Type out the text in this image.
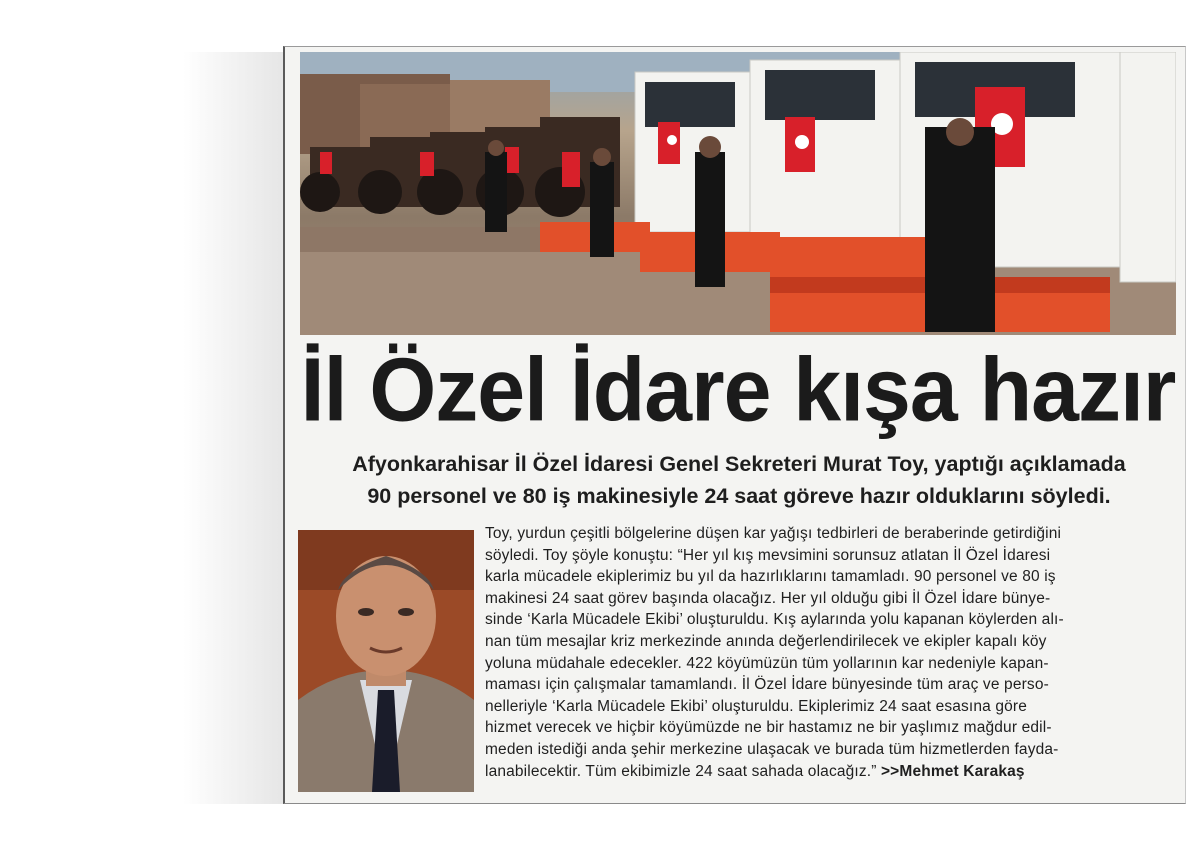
İl Özel İdare kışa hazır
Afyonkarahisar İl Özel İdaresi Genel Sekreteri Murat Toy, yaptığı açıklamada
90 personel ve 80 iş makinesiyle 24 saat göreve hazır olduklarını söyledi.
Toy, yurdun çeşitli bölgelerine düşen kar yağışı tedbirleri de beraberinde getirdiğini
söyledi. Toy şöyle konuştu: “Her yıl kış mevsimini sorunsuz atlatan İl Özel İdaresi
karla mücadele ekiplerimiz bu yıl da hazırlıklarını tamamladı. 90 personel ve 80 iş
makinesi 24 saat görev başında olacağız. Her yıl olduğu gibi İl Özel İdare bünye-
sinde ‘Karla Mücadele Ekibi’ oluşturuldu. Kış aylarında yolu kapanan köylerden alı-
nan tüm mesajlar kriz merkezinde anında değerlendirilecek ve ekipler kapalı köy
yoluna müdahale edecekler. 422 köyümüzün tüm yollarının kar nedeniyle kapan-
maması için çalışmalar tamamlandı. İl Özel İdare bünyesinde tüm araç ve perso-
nelleriyle ‘Karla Mücadele Ekibi’ oluşturuldu. Ekiplerimiz 24 saat esasına göre
hizmet verecek ve hiçbir köyümüzde ne bir hastamız ne bir yaşlımız mağdur edil-
meden istediği anda şehir merkezine ulaşacak ve burada tüm hizmetlerden fayda-
lanabilecektir. Tüm ekibimizle 24 saat sahada olacağız.” >>Mehmet Karakaş
